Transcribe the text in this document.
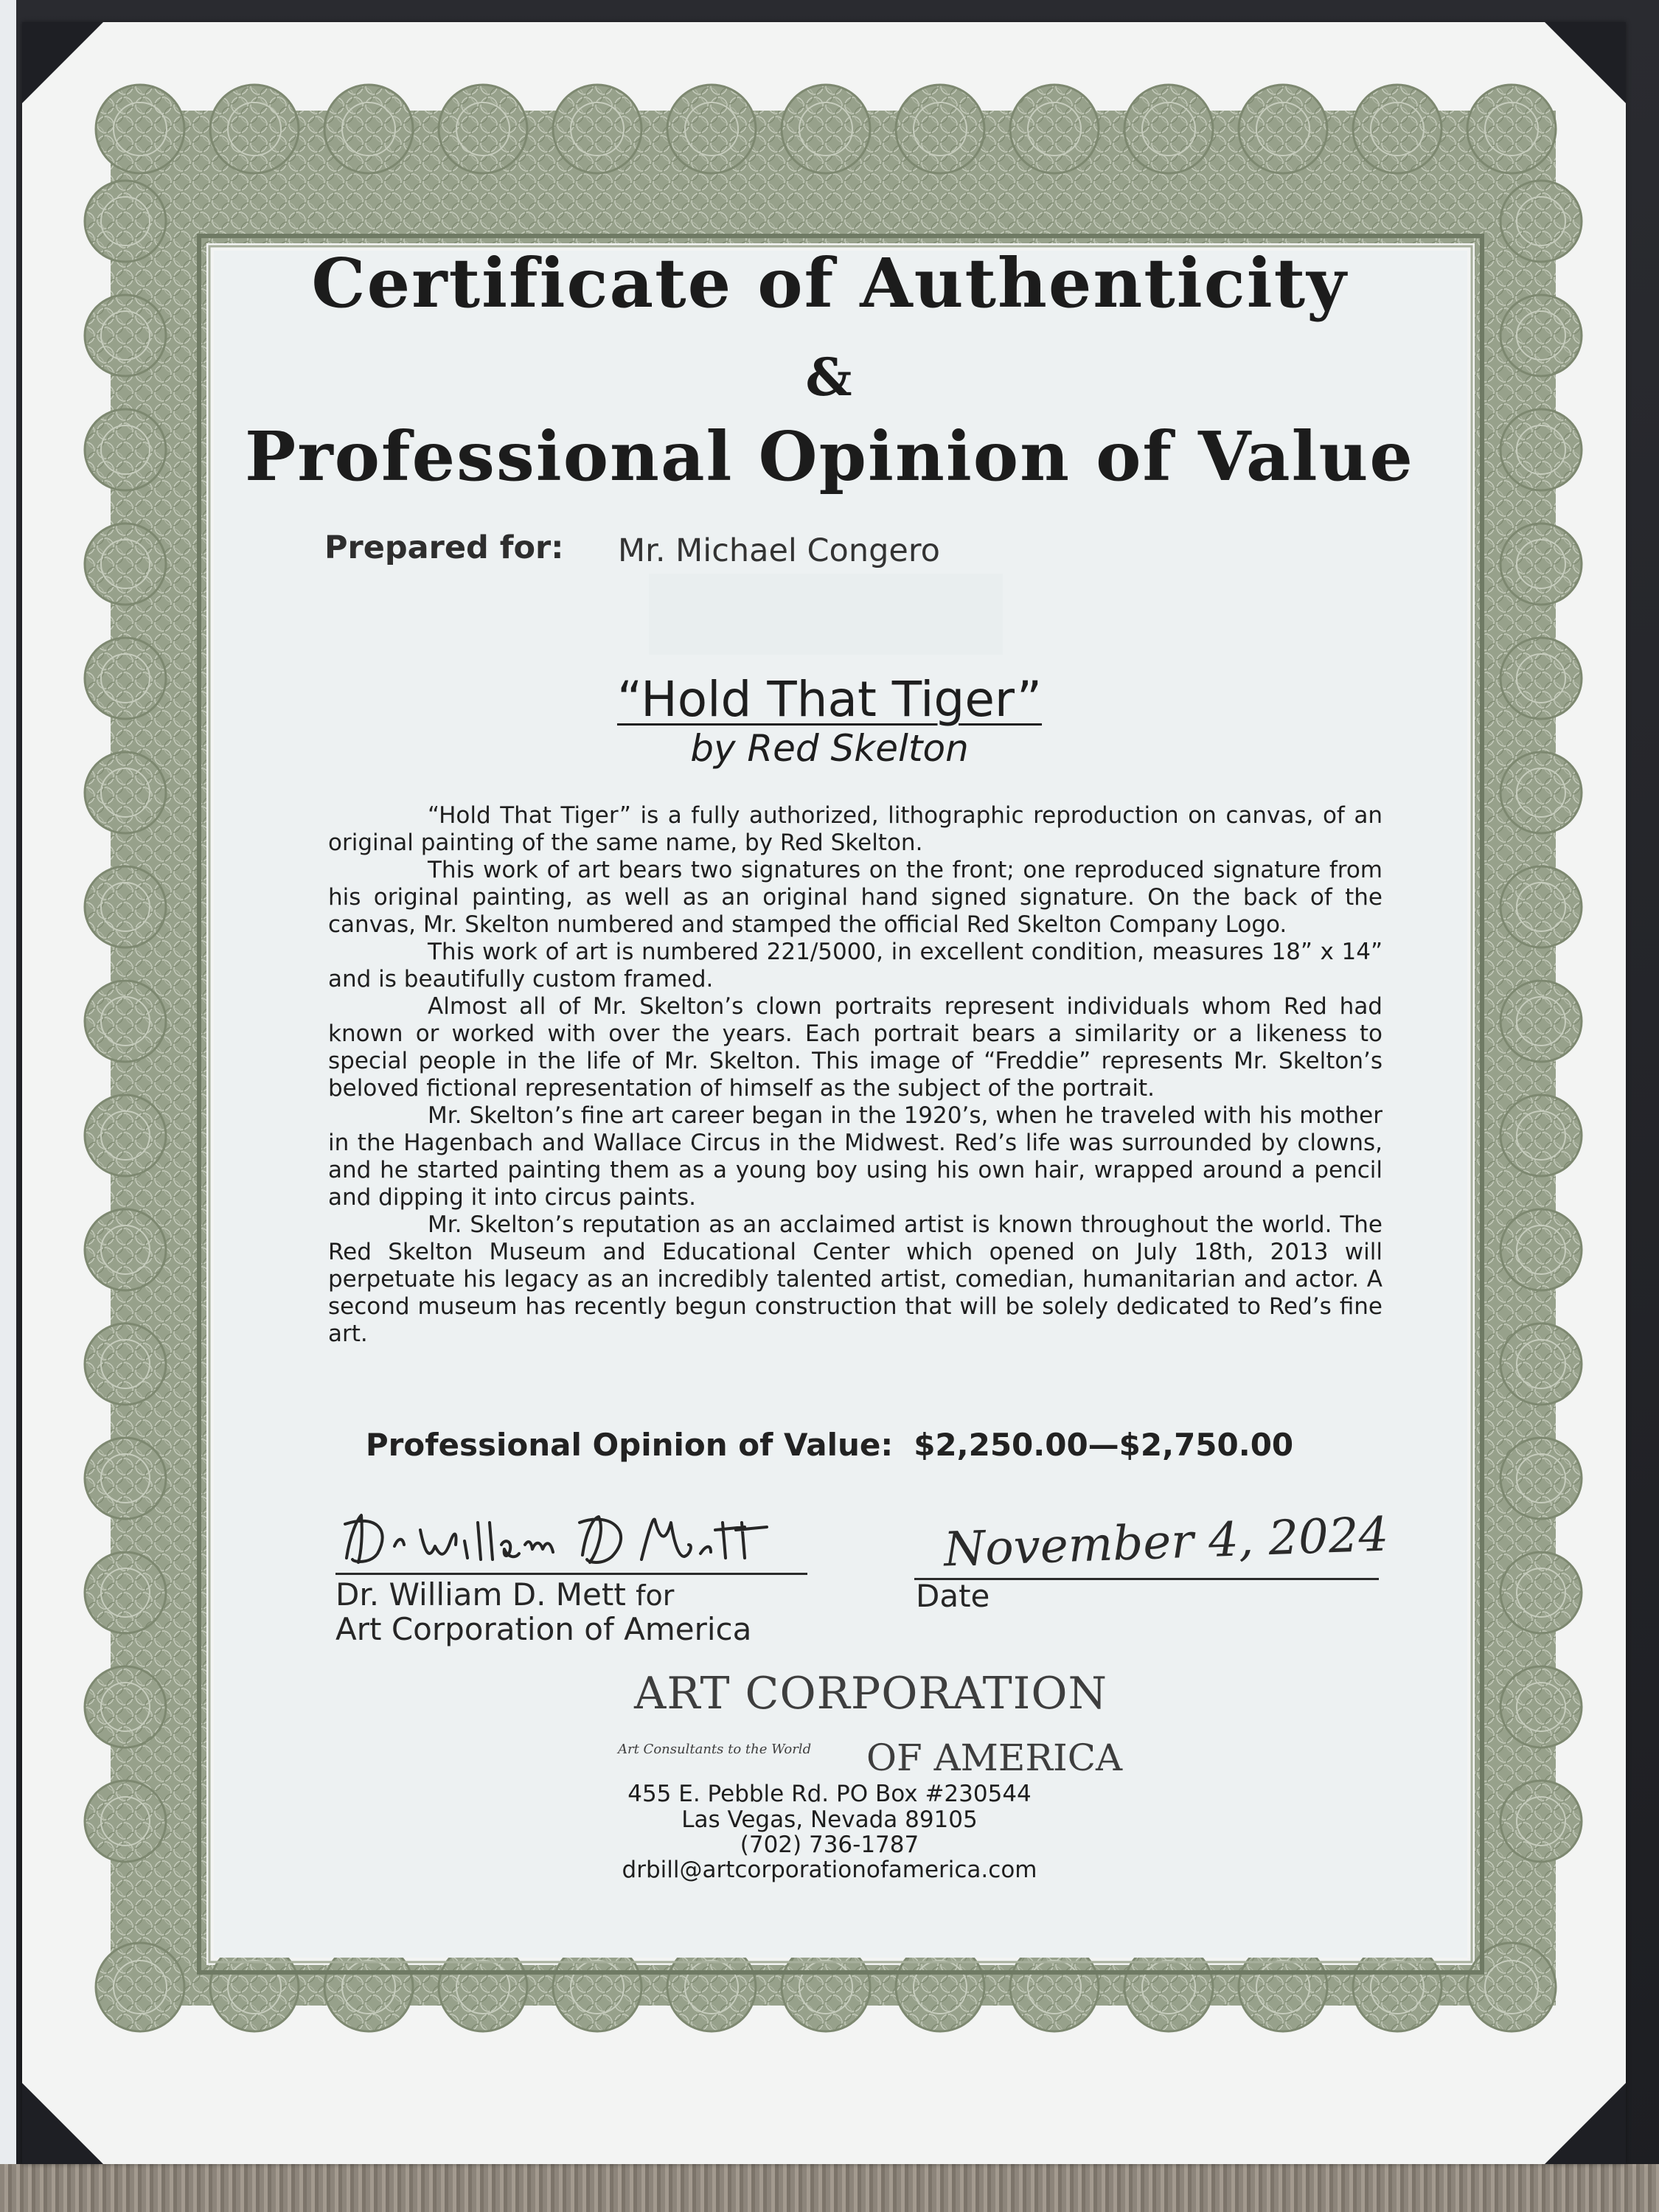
Certificate of Authenticity
&
Professional Opinion of Value
Prepared for: Mr. Michael Congero
“Hold That Tiger”
by Red Skelton

“Hold That Tiger” is a fully authorized, lithographic reproduction on canvas, of an original painting of the same name, by Red Skelton.

This work of art bears two signatures on the front; one reproduced signature from his original painting, as well as an original hand signed signature. On the back of the canvas, Mr. Skelton numbered and stamped the official Red Skelton Company Logo.

This work of art is numbered 221/5000, in excellent condition, measures 18” x 14” and is beautifully custom framed.

Almost all of Mr. Skelton’s clown portraits represent individuals whom Red had known or worked with over the years. Each portrait bears a similarity or a likeness to special people in the life of Mr. Skelton. This image of “Freddie” represents Mr. Skelton’s beloved fictional representation of himself as the subject of the portrait.

Mr. Skelton’s fine art career began in the 1920’s, when he traveled with his mother in the Hagenbach and Wallace Circus in the Midwest. Red’s life was surrounded by clowns, and he started painting them as a young boy using his own hair, wrapped around a pencil and dipping it into circus paints.

Mr. Skelton’s reputation as an acclaimed artist is known throughout the world. The Red Skelton Museum and Educational Center which opened on July 18th, 2013 will perpetuate his legacy as an incredibly talented artist, comedian, humanitarian and actor. A second museum has recently begun construction that will be solely dedicated to Red’s fine art.

Professional Opinion of Value: $2,250.00—$2,750.00
November 4, 2024
Dr. William D. Mett for
Art Corporation of America
Date
ART CORPORATION
Art Consultants to the World OF AMERICA
455 E. Pebble Rd. PO Box #230544
Las Vegas, Nevada 89105
(702) 736-1787
drbill@artcorporationofamerica.com
